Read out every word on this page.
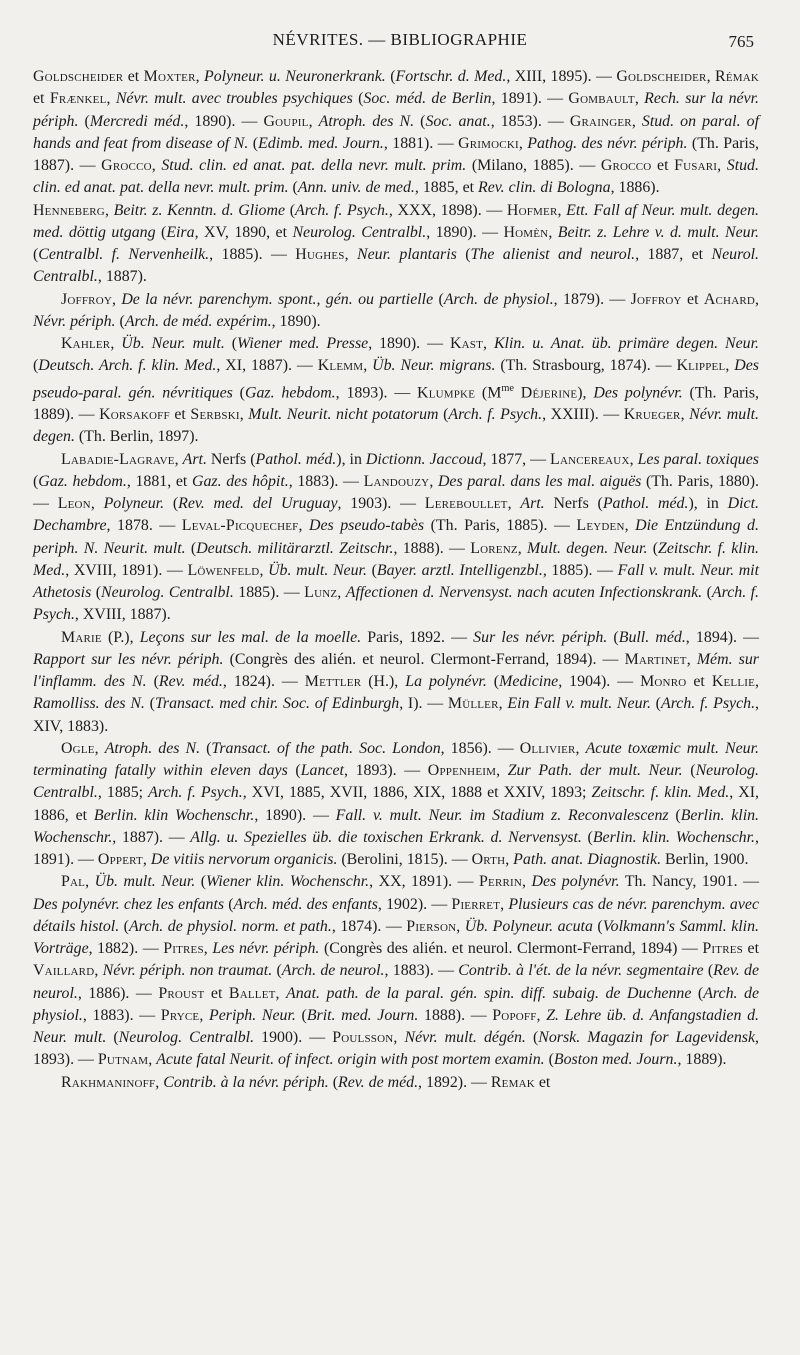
NÉVRITES. — BIBLIOGRAPHIE	765

Goldscheider et Moxter, Polyneur. u. Neuronerkrank. (Fortschr. d. Med., XIII, 1895). — Goldscheider, Rémak et Frænkel, Névr. mult. avec troubles psychiques (Soc. méd. de Berlin, 1891). — Gombault, Rech. sur la névr. périph. (Mercredi méd., 1890). — Goupil, Atroph. des N. (Soc. anat., 1853). — Grainger, Stud. on paral. of hands and feat from disease of N. (Edimb. med. Journ., 1881). — Grimocki, Pathog. des névr. périph. (Th. Paris, 1887). — Grocco, Stud. clin. ed anat. pat. della nevr. mult. prim. (Milano, 1885). — Grocco et Fusari, Stud. clin. ed anat. pat. della nevr. mult. prim. (Ann. univ. de med., 1885, et Rev. clin. di Bologna, 1886).

Henneberg, Beitr. z. Kenntn. d. Gliome (Arch. f. Psych., XXX, 1898). — Hofmer, Ett. Fall af Neur. mult. degen. med. döttig utgang (Eira, XV, 1890, et Neurolog. Centralbl., 1890). — Homèn, Beitr. z. Lehre v. d. mult. Neur. (Centralbl. f. Nervenheilk., 1885). — Hughes, Neur. plantaris (The alienist and neurol., 1887, et Neurol. Centralbl., 1887).

Joffroy, De la névr. parenchym. spont., gén. ou partielle (Arch. de physiol., 1879). — Joffroy et Achard, Névr. périph. (Arch. de méd. expérim., 1890).

Kahler, Üb. Neur. mult. (Wiener med. Presse, 1890). — Kast, Klin. u. Anat. üb. primäre degen. Neur. (Deutsch. Arch. f. klin. Med., XI, 1887). — Klemm, Üb. Neur. migrans. (Th. Strasbourg, 1874). — Klippel, Des pseudo-paral. gén. névritiques (Gaz. hebdom., 1893). — Klumpke ($M^{me}$ Déjerine), Des polynévr. (Th. Paris, 1889). — Korsakoff et Serbski, Mult. Neurit. nicht potatorum (Arch. f. Psych., XXIII). — Krueger, Névr. mult. degen. (Th. Berlin, 1897).

Labadie-Lagrave, Art. Nerfs (Pathol. méd.), in Dictionn. Jaccoud, 1877, — Lancereaux, Les paral. toxiques (Gaz. hebdom., 1881, et Gaz. des hôpit., 1883). — Landouzy, Des paral. dans les mal. aiguës (Th. Paris, 1880). — Leon, Polyneur. (Rev. med. del Uruguay, 1903). — Lereboullet, Art. Nerfs (Pathol. méd.), in Dict. Dechambre, 1878. — Leval-Picquechef, Des pseudo-tabès (Th. Paris, 1885). — Leyden, Die Entzündung d. periph. N. Neurit. mult. (Deutsch. militärarztl. Zeitschr., 1888). — Lorenz, Mult. degen. Neur. (Zeitschr. f. klin. Med., XVIII, 1891). — Löwenfeld, Üb. mult. Neur. (Bayer. arztl. Intelligenzbl., 1885). — Fall v. mult. Neur. mit Athetosis (Neurolog. Centralbl. 1885). — Lunz, Affectionen d. Nervensyst. nach acuten Infectionskrank. (Arch. f. Psych., XVIII, 1887).

Marie (P.), Leçons sur les mal. de la moelle. Paris, 1892. — Sur les névr. périph. (Bull. méd., 1894). — Rapport sur les névr. périph. (Congrès des alién. et neurol. Clermont-Ferrand, 1894). — Martinet, Mém. sur l'inflamm. des N. (Rev. méd., 1824). — Mettler (H.), La polynévr. (Medicine, 1904). — Monro et Kellie, Ramolliss. des N. (Transact. med chir. Soc. of Edinburgh, I). — Müller, Ein Fall v. mult. Neur. (Arch. f. Psych., XIV, 1883).

Ogle, Atroph. des N. (Transact. of the path. Soc. London, 1856). — Ollivier, Acute toxæmic mult. Neur. terminating fatally within eleven days (Lancet, 1893). — Oppenheim, Zur Path. der mult. Neur. (Neurolog. Centralbl., 1885; Arch. f. Psych., XVI, 1885, XVII, 1886, XIX, 1888 et XXIV, 1893; Zeitschr. f. klin. Med., XI, 1886, et Berlin. klin Wochenschr., 1890). — Fall. v. mult. Neur. im Stadium z. Reconvalescenz (Berlin. klin. Wochenschr., 1887). — Allg. u. Spezielles üb. die toxischen Erkrank. d. Nervensyst. (Berlin. klin. Wochenschr., 1891). — Oppert, De vitiis nervorum organicis. (Berolini, 1815). — Orth, Path. anat. Diagnostik. Berlin, 1900.

Pal, Üb. mult. Neur. (Wiener klin. Wochenschr., XX, 1891). — Perrin, Des polynévr. Th. Nancy, 1901. — Des polynévr. chez les enfants (Arch. méd. des enfants, 1902). — Pierret, Plusieurs cas de névr. parenchym. avec détails histol. (Arch. de physiol. norm. et path., 1874). — Pierson, Üb. Polyneur. acuta (Volkmann's Samml. klin. Vorträge, 1882). — Pitres, Les névr. périph. (Congrès des alién. et neurol. Clermont-Ferrand, 1894) — Pitres et Vaillard, Névr. périph. non traumat. (Arch. de neurol., 1883). — Contrib. à l'ét. de la névr. segmentaire (Rev. de neurol., 1886). — Proust et Ballet, Anat. path. de la paral. gén. spin. diff. subaig. de Duchenne (Arch. de physiol., 1883). — Pryce, Periph. Neur. (Brit. med. Journ. 1888). — Popoff, Z. Lehre üb. d. Anfangstadien d. Neur. mult. (Neurolog. Centralbl. 1900). — Poulsson, Névr. mult. dégén. (Norsk. Magazin for Lagevidensk, 1893). — Putnam, Acute fatal Neurit. of infect. origin with post mortem examin. (Boston med. Journ., 1889).

Rakhmaninoff, Contrib. à la névr. périph. (Rev. de méd., 1892). — Remak et
